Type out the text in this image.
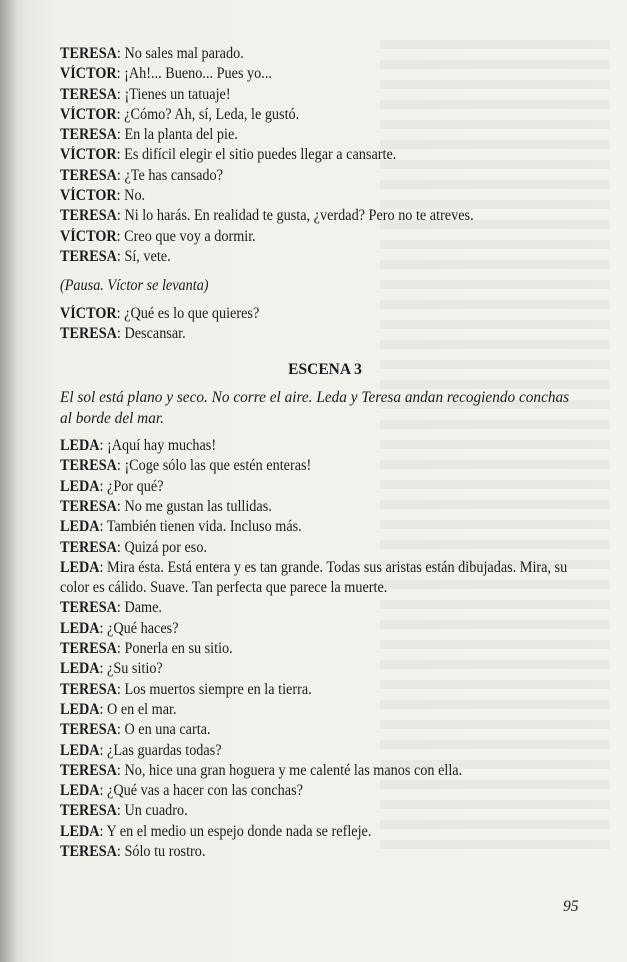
TERESA: No sales mal parado.
VÍCTOR: ¡Ah!... Bueno... Pues yo...
TERESA: ¡Tienes un tatuaje!
VÍCTOR: ¿Cómo? Ah, sí, Leda, le gustó.
TERESA: En la planta del pie.
VÍCTOR: Es difícil elegir el sitio puedes llegar a cansarte.
TERESA: ¿Te has cansado?
VÍCTOR: No.
TERESA: Ni lo harás. En realidad te gusta, ¿verdad? Pero no te atreves.
VÍCTOR: Creo que voy a dormir.
TERESA: Sí, vete.
(Pausa. Víctor se levanta)
VÍCTOR: ¿Qué es lo que quieres?
TERESA: Descansar.
ESCENA 3
El sol está plano y seco. No corre el aire. Leda y Teresa andan recogiendo conchas al borde del mar.
LEDA: ¡Aquí hay muchas!
TERESA: ¡Coge sólo las que estén enteras!
LEDA: ¿Por qué?
TERESA: No me gustan las tullidas.
LEDA: También tienen vida. Incluso más.
TERESA: Quizá por eso.
LEDA: Mira ésta. Está entera y es tan grande. Todas sus aristas están dibujadas. Mira, su color es cálido. Suave. Tan perfecta que parece la muerte.
TERESA: Dame.
LEDA: ¿Qué haces?
TERESA: Ponerla en su sitio.
LEDA: ¿Su sitio?
TERESA: Los muertos siempre en la tierra.
LEDA: O en el mar.
TERESA: O en una carta.
LEDA: ¿Las guardas todas?
TERESA: No, hice una gran hoguera y me calenté las manos con ella.
LEDA: ¿Qué vas a hacer con las conchas?
TERESA: Un cuadro.
LEDA: Y en el medio un espejo donde nada se refleje.
TERESA: Sólo tu rostro.
95
